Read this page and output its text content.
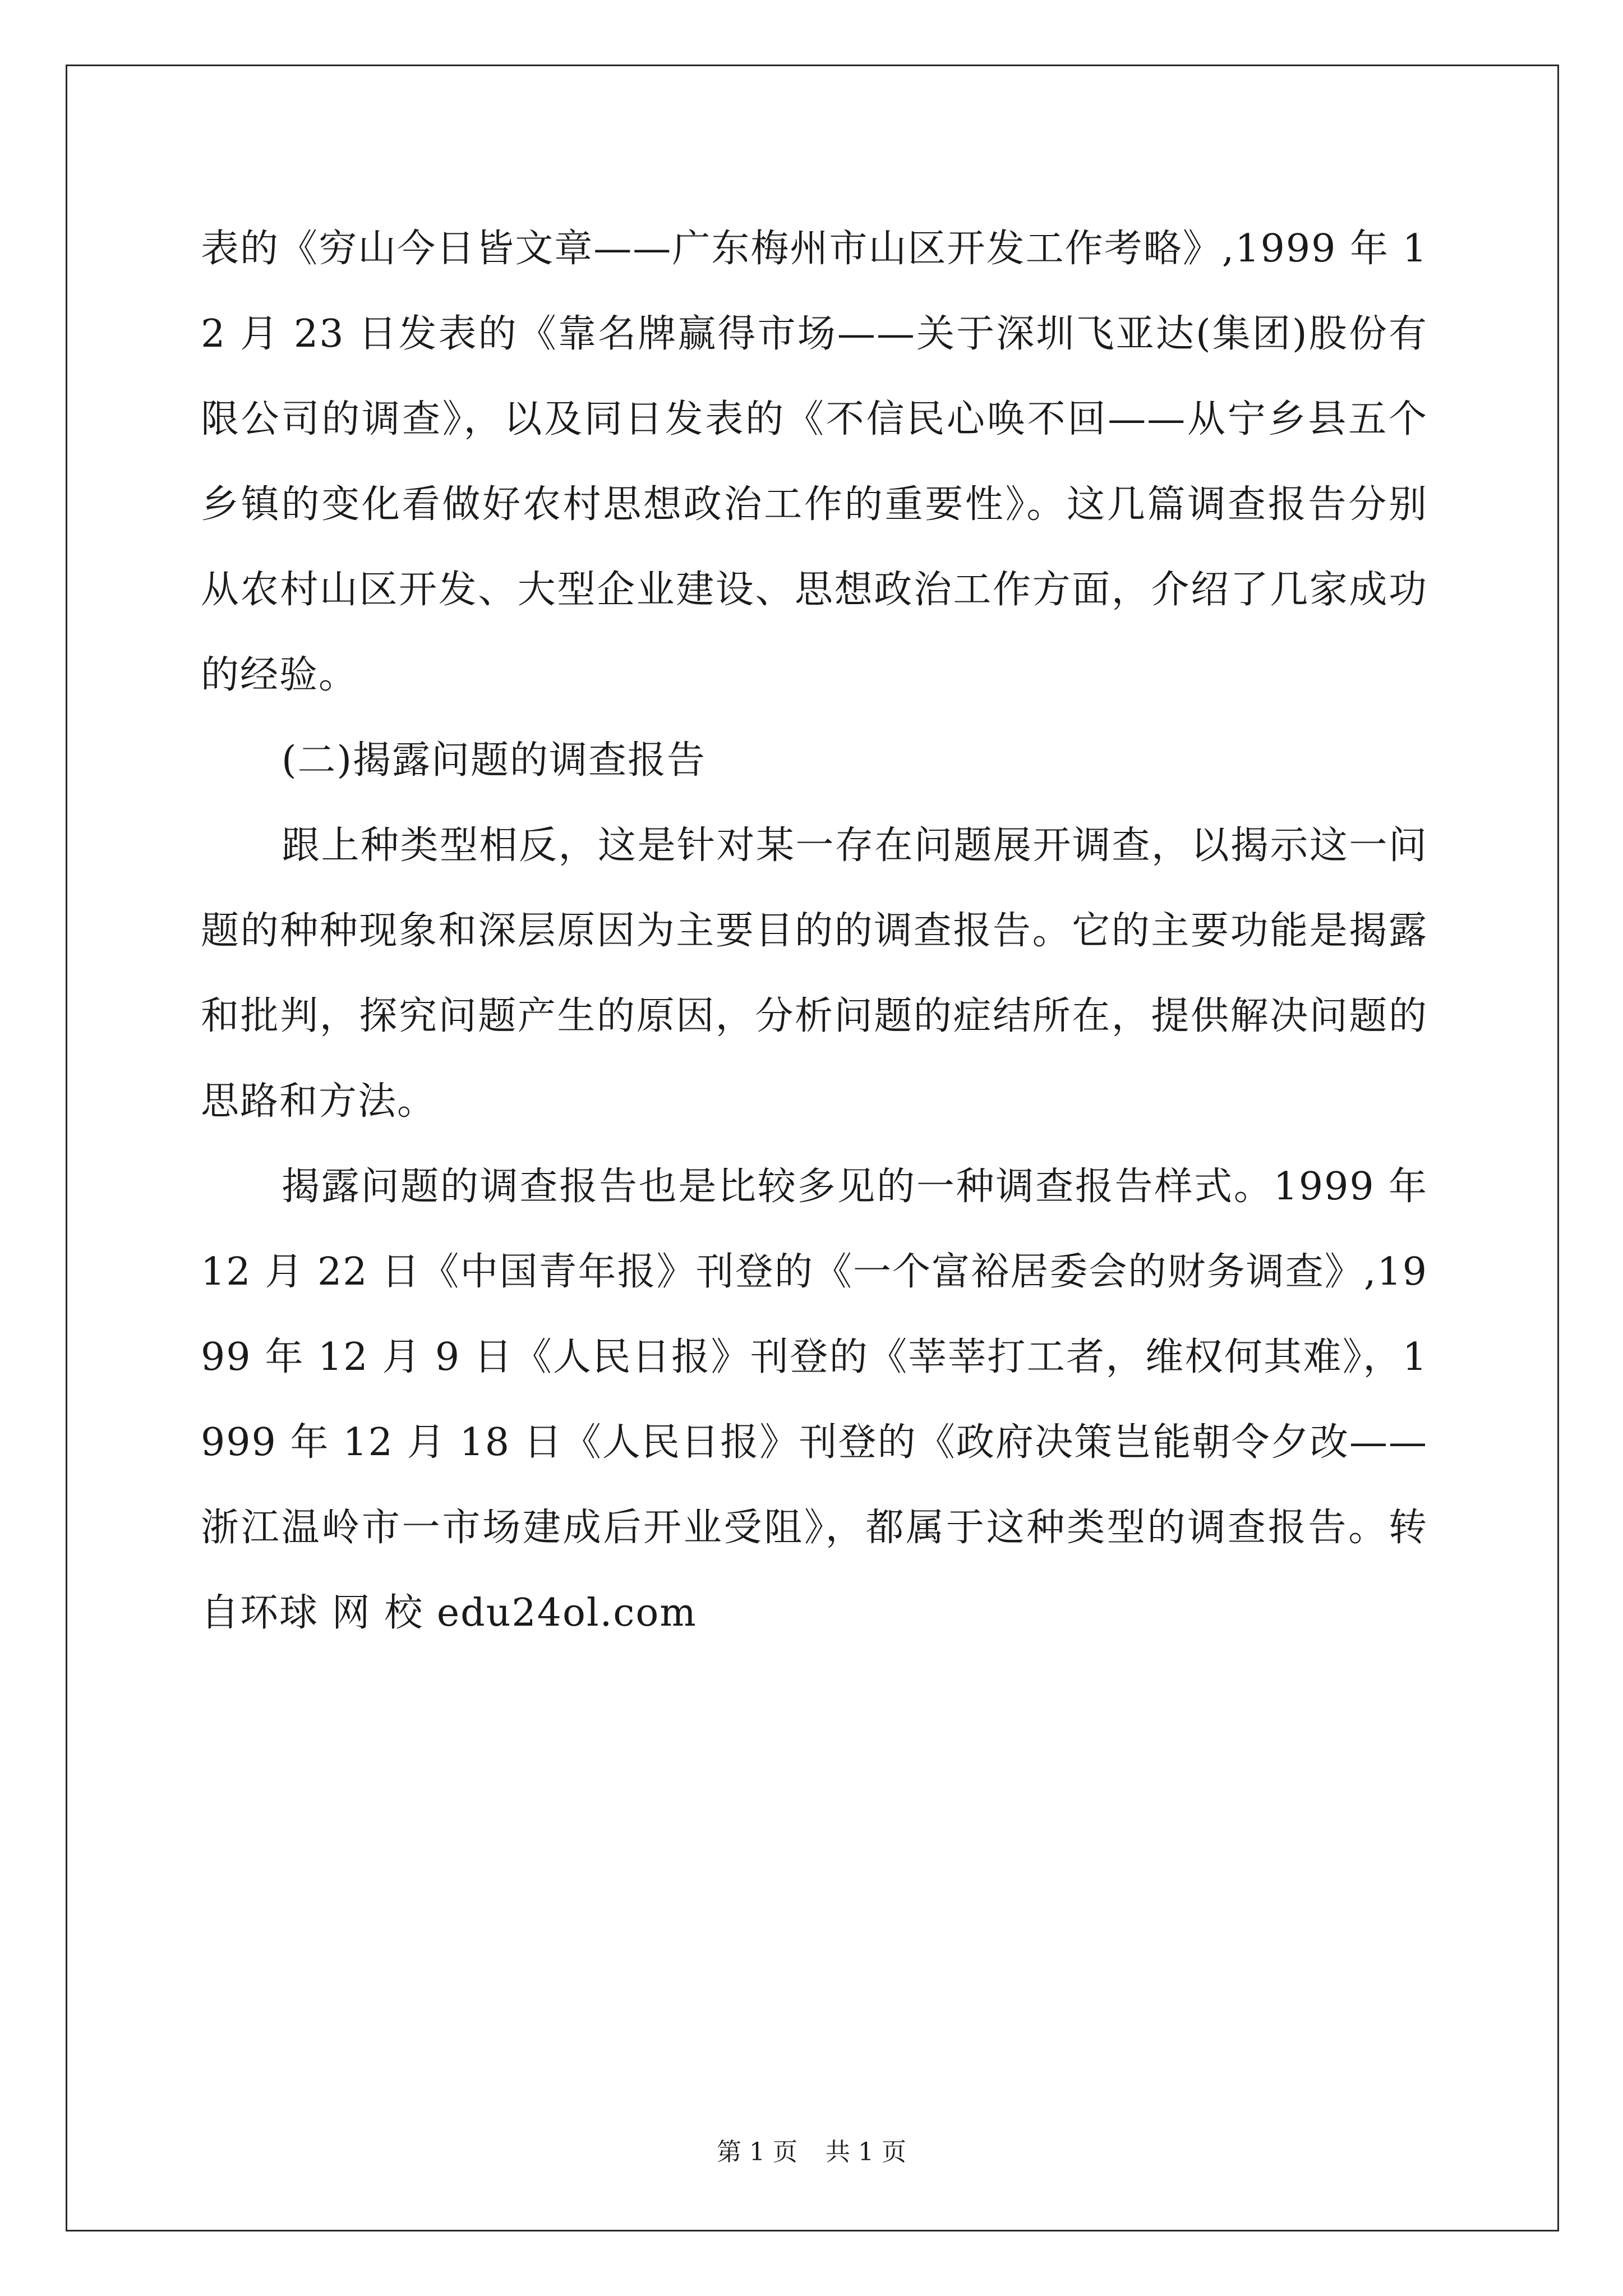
表的《穷山今日皆文章——广东梅州市山区开发工作考略》,1999 年 12 月 23 日发表的《靠名牌赢得市场——关于深圳飞亚达(集团)股份有限公司的调查》，以及同日发表的《不信民心唤不回——从宁乡县五个乡镇的变化看做好农村思想政治工作的重要性》。这几篇调查报告分别从农村山区开发、大型企业建设、思想政治工作方面，介绍了几家成功的经验。

(二)揭露问题的调查报告

跟上种类型相反，这是针对某一存在问题展开调查，以揭示这一问题的种种现象和深层原因为主要目的的调查报告。它的主要功能是揭露和批判，探究问题产生的原因，分析问题的症结所在，提供解决问题的思路和方法。

揭露问题的调查报告也是比较多见的一种调查报告样式。1999 年 12 月 22 日《中国青年报》刊登的《一个富裕居委会的财务调查》,1999 年 12 月 9 日《人民日报》刊登的《莘莘打工者，维权何其难》，1999 年 12 月 18 日《人民日报》刊登的《政府决策岂能朝令夕改——浙江温岭市一市场建成后开业受阻》，都属于这种类型的调查报告。转自环球 网 校 edu24ol.com

第 1 页 共 1 页
